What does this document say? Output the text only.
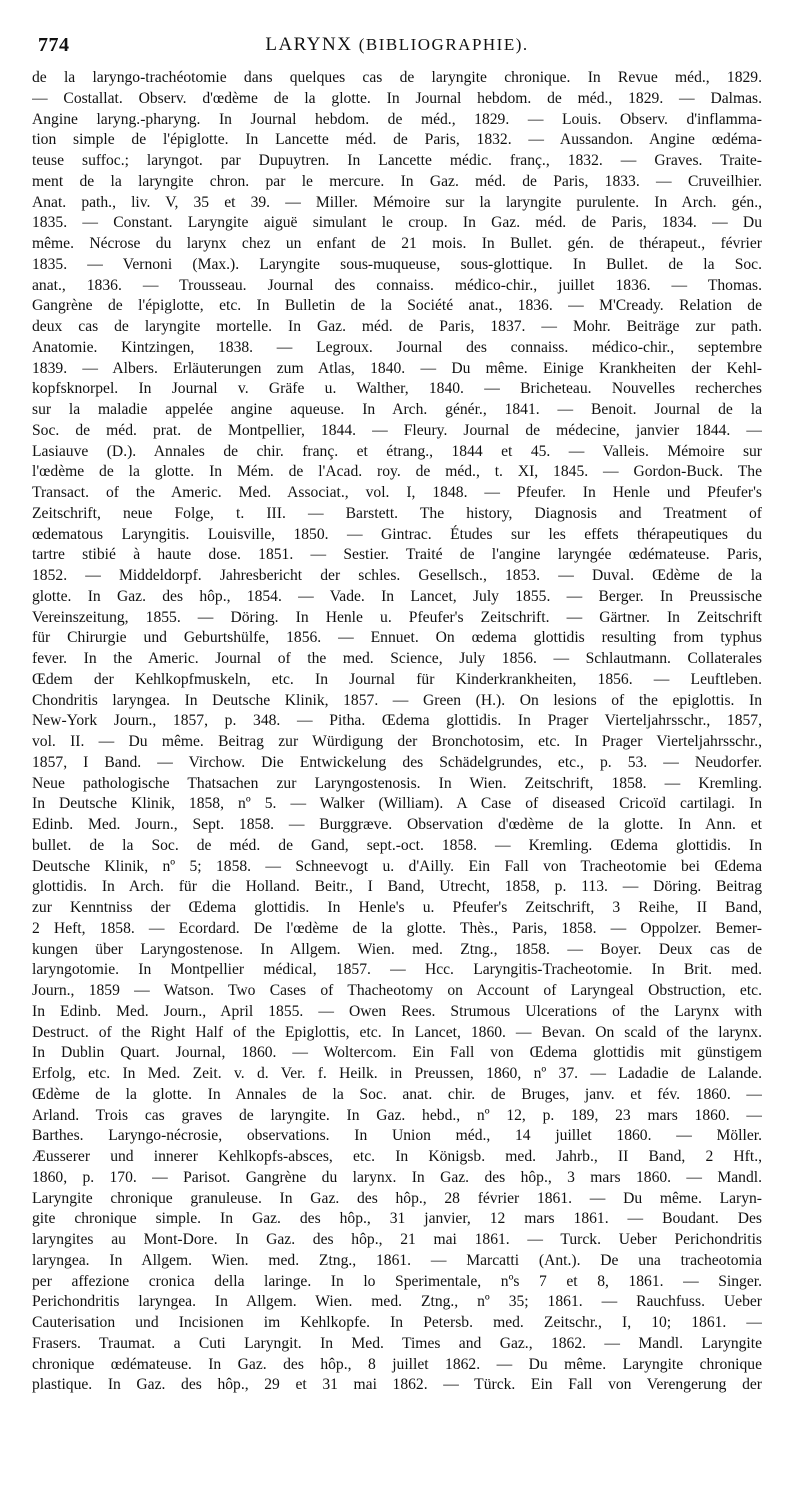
774	LARYNX (BIBLIOGRAPHIE).
de la laryngo-trachéotomie dans quelques cas de laryngite chronique. In Revue méd., 1829.
— Costallat. Observ. d'œdème de la glotte. In Journal hebdom. de méd., 1829. — Dalmas.
Angine laryng.-pharyng. In Journal hebdom. de méd., 1829. — Louis. Observ. d'inflamma-
tion simple de l'épiglotte. In Lancette méd. de Paris, 1832. — Aussandon. Angine œdéma-
teuse suffoc.; laryngot. par Dupuytren. In Lancette médic. franç., 1832. — Graves. Traite-
ment de la laryngite chron. par le mercure. In Gaz. méd. de Paris, 1833. — Cruveilhier.
Anat. path., liv. V, 35 et 39. — Miller. Mémoire sur la laryngite purulente. In Arch. gén.,
1835. — Constant. Laryngite aiguë simulant le croup. In Gaz. méd. de Paris, 1834. — Du
même. Nécrose du larynx chez un enfant de 21 mois. In Bullet. gén. de thérapeut., février
1835. — Vernoni (Max.). Laryngite sous-muqueuse, sous-glottique. In Bullet. de la Soc.
anat., 1836. — Trousseau. Journal des connaiss. médico-chir., juillet 1836. — Thomas.
Gangrène de l'épiglotte, etc. In Bulletin de la Société anat., 1836. — M'Cready. Relation de
deux cas de laryngite mortelle. In Gaz. méd. de Paris, 1837. — Mohr. Beiträge zur path.
Anatomie. Kintzingen, 1838. — Legroux. Journal des connaiss. médico-chir., septembre
1839. — Albers. Erläuterungen zum Atlas, 1840. — Du même. Einige Krankheiten der Kehl-
kopfsknorpel. In Journal v. Gräfe u. Walther, 1840. — Bricheteau. Nouvelles recherches
sur la maladie appelée angine aqueuse. In Arch. génér., 1841. — Benoit. Journal de la
Soc. de méd. prat. de Montpellier, 1844. — Fleury. Journal de médecine, janvier 1844. —
Lasiauve (D.). Annales de chir. franç. et étrang., 1844 et 45. — Valleis. Mémoire sur
l'œdème de la glotte. In Mém. de l'Acad. roy. de méd., t. XI, 1845. — Gordon-Buck. The
Transact. of the Americ. Med. Associat., vol. I, 1848. — Pfeufer. In Henle und Pfeufer's
Zeitschrift, neue Folge, t. III. — Barstett. The history, Diagnosis and Treatment of
œdematous Laryngitis. Louisville, 1850. — Gintrac. Études sur les effets thérapeutiques du
tartre stibié à haute dose. 1851. — Sestier. Traité de l'angine laryngée œdémateuse. Paris,
1852. — Middeldorpf. Jahresbericht der schles. Gesellsch., 1853. — Duval. Œdème de la
glotte. In Gaz. des hôp., 1854. — Vade. In Lancet, July 1855. — Berger. In Preussische
Vereinszeitung, 1855. — Döring. In Henle u. Pfeufer's Zeitschrift. — Gärtner. In Zeitschrift
für Chirurgie und Geburtshülfe, 1856. — Ennuet. On œdema glottidis resulting from typhus
fever. In the Americ. Journal of the med. Science, July 1856. — Schlautmann. Collaterales
Œdem der Kehlkopfmuskeln, etc. In Journal für Kinderkrankheiten, 1856. — Leuftleben.
Chondritis laryngea. In Deutsche Klinik, 1857. — Green (H.). On lesions of the epiglottis. In
New-York Journ., 1857, p. 348. — Pitha. Œdema glottidis. In Prager Vierteljahrsschr., 1857,
vol. II. — Du même. Beitrag zur Würdigung der Bronchotosim, etc. In Prager Vierteljahrsschr.,
1857, I Band. — Virchow. Die Entwickelung des Schädelgrundes, etc., p. 53. — Neudorfer.
Neue pathologische Thatsachen zur Laryngostenosis. In Wien. Zeitschrift, 1858. — Kremling.
In Deutsche Klinik, 1858, nº 5. — Walker (William). A Case of diseased Cricoïd cartilagi. In
Edinb. Med. Journ., Sept. 1858. — Burggræve. Observation d'œdème de la glotte. In Ann. et
bullet. de la Soc. de méd. de Gand, sept.-oct. 1858. — Kremling. Œdema glottidis. In
Deutsche Klinik, nº 5; 1858. — Schneevogt u. d'Ailly. Ein Fall von Tracheotomie bei Œdema
glottidis. In Arch. für die Holland. Beitr., I Band, Utrecht, 1858, p. 113. — Döring. Beitrag
zur Kenntniss der Œdema glottidis. In Henle's u. Pfeufer's Zeitschrift, 3 Reihe, II Band,
2 Heft, 1858. — Ecordard. De l'œdème de la glotte. Thès., Paris, 1858. — Oppolzer. Bemer-
kungen über Laryngostenose. In Allgem. Wien. med. Ztng., 1858. — Boyer. Deux cas de
laryngotomie. In Montpellier médical, 1857. — Hcc. Laryngitis-Tracheotomie. In Brit. med.
Journ., 1859 — Watson. Two Cases of Thacheotomy on Account of Laryngeal Obstruction, etc.
In Edinb. Med. Journ., April 1855. — Owen Rees. Strumous Ulcerations of the Larynx with
Destruct. of the Right Half of the Epiglottis, etc. In Lancet, 1860. — Bevan. On scald of the larynx.
In Dublin Quart. Journal, 1860. — Woltercom. Ein Fall von Œdema glottidis mit günstigem
Erfolg, etc. In Med. Zeit. v. d. Ver. f. Heilk. in Preussen, 1860, nº 37. — Ladadie de Lalande.
Œdème de la glotte. In Annales de la Soc. anat. chir. de Bruges, janv. et fév. 1860. —
Arland. Trois cas graves de laryngite. In Gaz. hebd., nº 12, p. 189, 23 mars 1860. —
Barthes. Laryngo-nécrosie, observations. In Union méd., 14 juillet 1860. — Möller.
Æusserer und innerer Kehlkopfs-absces, etc. In Königsb. med. Jahrb., II Band, 2 Hft.,
1860, p. 170. — Parisot. Gangrène du larynx. In Gaz. des hôp., 3 mars 1860. — Mandl.
Laryngite chronique granuleuse. In Gaz. des hôp., 28 février 1861. — Du même. Laryn-
gite chronique simple. In Gaz. des hôp., 31 janvier, 12 mars 1861. — Boudant. Des
laryngites au Mont-Dore. In Gaz. des hôp., 21 mai 1861. — Turck. Ueber Perichondritis
laryngea. In Allgem. Wien. med. Ztng., 1861. — Marcatti (Ant.). De una tracheotomia
per affezione cronica della laringe. In lo Sperimentale, nºs 7 et 8, 1861. — Singer.
Perichondritis laryngea. In Allgem. Wien. med. Ztng., nº 35; 1861. — Rauchfuss. Ueber
Cauterisation und Incisionen im Kehlkopfe. In Petersb. med. Zeitschr., I, 10; 1861. —
Frasers. Traumat. a Cuti Laryngit. In Med. Times and Gaz., 1862. — Mandl. Laryngite
chronique œdémateuse. In Gaz. des hôp., 8 juillet 1862. — Du même. Laryngite chronique
plastique. In Gaz. des hôp., 29 et 31 mai 1862. — Türck. Ein Fall von Verengerung der
